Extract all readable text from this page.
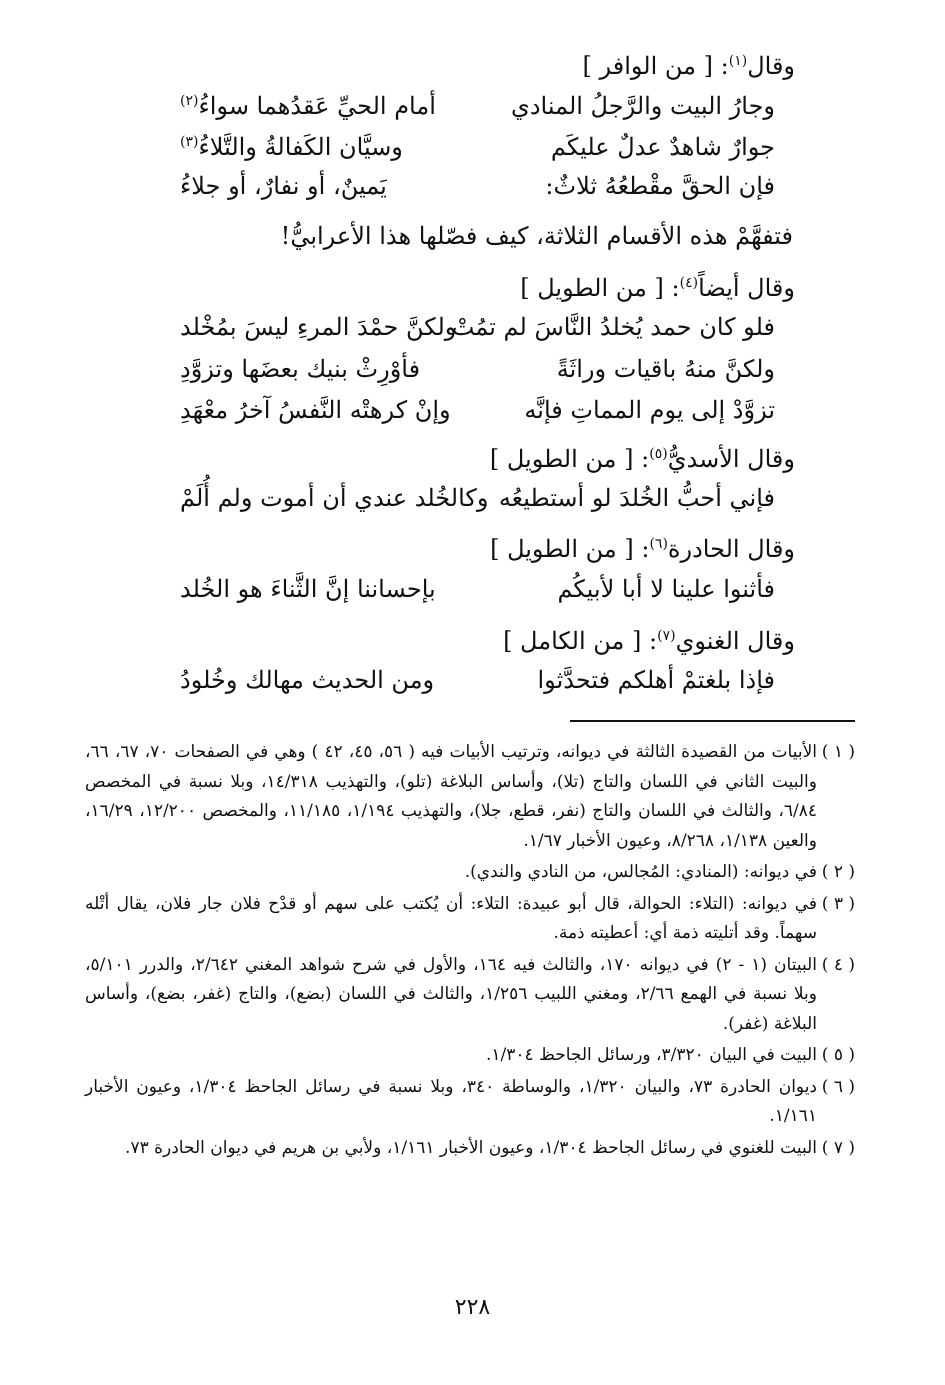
وقال$^{(١)}$: [ من الوافر ]
وجارُ البيت والرَّجلُ المنادي
أمام الحيِّ عَقدُهما سواءُ$^{(٢)}$
جوارٌ شاهدٌ عدلٌ عليكَم
وسيَّان الكَفالةُ والتَّلاءُ$^{(٣)}$
فإن الحقَّ مقْطعُهُ ثلاثٌ:
يَمينٌ، أو نفارٌ، أو جلاءُ
فتفهَّمْ هذه الأقسام الثلاثة، كيف فصّلها هذا الأعرابيُّ!
وقال أيضاً$^{(٤)}$: [ من الطويل ]
فلو كان حمد يُخلدُ النَّاسَ لم تمُتْ
ولكنَّ حمْدَ المرءِ ليسَ بمُخْلد
ولكنَّ منهُ باقيات وراثَةً
فأوْرِثْ بنيك بعضَها وتزوَّدِ
تزوَّدْ إلى يوم المماتِ فإنَّه
وإنْ كرهتْه النَّفسُ آخرُ معْهَدِ
وقال الأسديُّ$^{(٥)}$: [ من الطويل ]
فإني أحبُّ الخُلدَ لو أستطيعُه
وكالخُلد عندي أن أموت ولم أُلَمْ
وقال الحادرة$^{(٦)}$: [ من الطويل ]
فأثنوا علينا لا أبا لأبيكُم
بإحساننا إنَّ الثَّناءَ هو الخُلد
وقال الغنوي$^{(٧)}$: [ من الكامل ]
فإذا بلغتمْ أهلكم فتحدَّثوا
ومن الحديث مهالك وخُلودُ
( ١ )
الأبيات من القصيدة الثالثة في ديوانه، وترتيب الأبيات فيه ( ٥٦، ٤٥، ٤٢ ) وهي في الصفحات ٧٠، ٦٧، ٦٦، والبيت الثاني في اللسان والتاج (تلا)، وأساس البلاغة (تلو)، والتهذيب ١٤/٣١٨، وبلا نسبة في المخصص ٦/٨٤، والثالث في اللسان والتاج (نفر، قطع، جلا)، والتهذيب ١/١٩٤، ١١/١٨٥، والمخصص ١٢/٢٠٠، ١٦/٢٩، والعين ١/١٣٨، ٨/٢٦٨، وعيون الأخبار ١/٦٧.
( ٢ )
في ديوانه: (المنادي: المُجالس، من النادي والندي).
( ٣ )
في ديوانه: (التلاء: الحوالة، قال أبو عبيدة: التلاء: أن يُكتب على سهم أو قدْح فلان جار فلان، يقال أتْله سهماً. وقد أتليته ذمة أي: أعطيته ذمة.
( ٤ )
البيتان (١ - ٢) في ديوانه ١٧٠، والثالث فيه ١٦٤، والأول في شرح شواهد المغني ٢/٦٤٢، والدرر ٥/١٠١، وبلا نسبة في الهمع ٢/٦٦، ومغني اللبيب ١/٢٥٦، والثالث في اللسان (بضع)، والتاج (غفر، بضع)، وأساس البلاغة (غفر).
( ٥ )
البيت في البيان ٣/٣٢٠، ورسائل الجاحظ ١/٣٠٤.
( ٦ )
ديوان الحادرة ٧٣، والبيان ١/٣٢٠، والوساطة ٣٤٠، وبلا نسبة في رسائل الجاحظ ١/٣٠٤، وعيون الأخبار ١/١٦١.
( ٧ )
البيت للغنوي في رسائل الجاحظ ١/٣٠٤، وعيون الأخبار ١/١٦١، ولأبي بن هريم في ديوان الحادرة ٧٣.
٢٢٨
